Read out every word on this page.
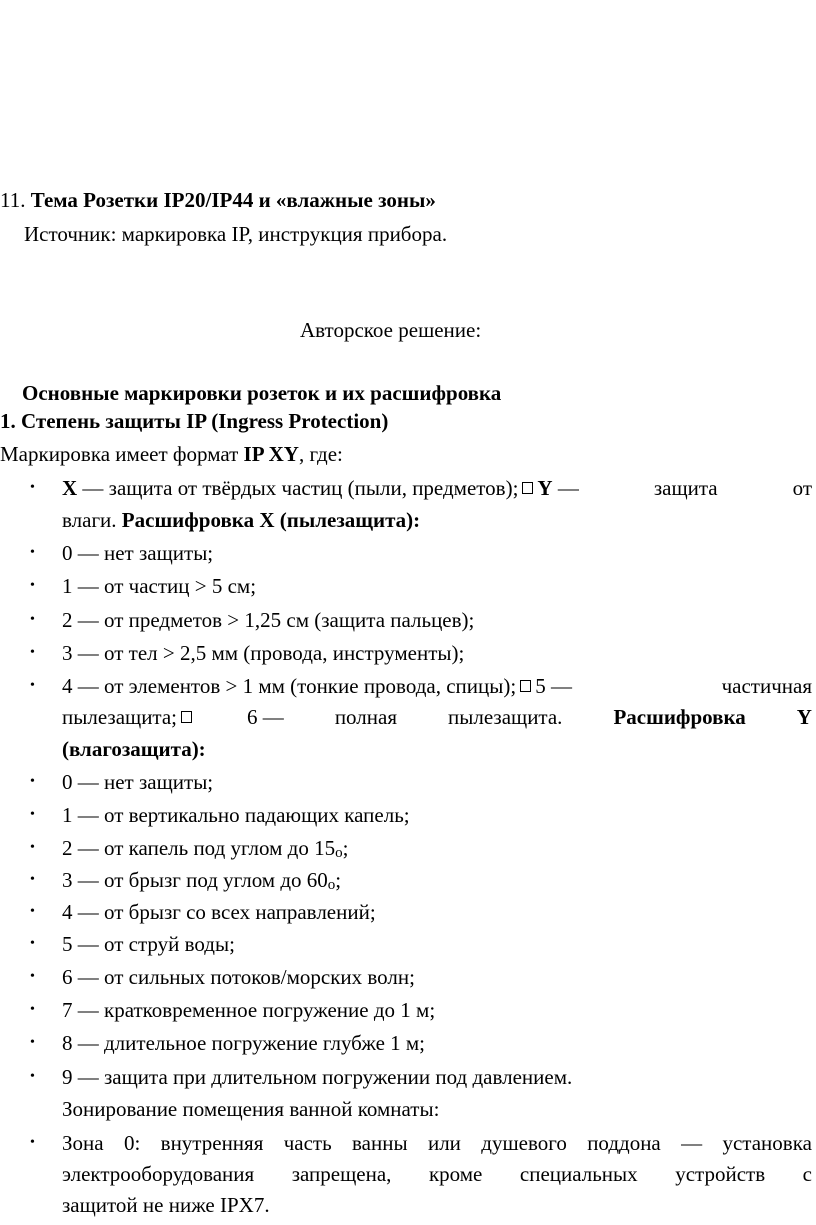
11. Тема Розетки IP20/IP44 и «влажные зоны»
Источник: маркировка IP, инструкция прибора.
Авторское решение:
Основные маркировки розеток и их расшифровка
1. Степень защиты IP (Ingress Protection)
Маркировка имеет формат IP XY, где:
• X — защита от твёрдых частиц (пыли, предметов); Y —	защита	от
влаги. Расшифровка X (пылезащита):
• 0 — нет защиты;
• 1 — от частиц > 5 см;
• 2 — от предметов > 1,25 см (защита пальцев);
• 3 — от тел > 2,5 мм (провода, инструменты);
• 4 — от элементов > 1 мм (тонкие провода, спицы); 5 —	частичная
пылезащита;	6 — полная пылезащита. Расшифровка Y
(влагозащита):
• 0 — нет защиты;
• 1 — от вертикально падающих капель;
• 2 — от капель под углом до 15о;
• 3 — от брызг под углом до 60о;
• 4 — от брызг со всех направлений;
• 5 — от струй воды;
• 6 — от сильных потоков/морских волн;
• 7 — кратковременное погружение до 1 м;
• 8 — длительное погружение глубже 1 м;
• 9 — защита при длительном погружении под давлением.
Зонирование помещения ванной комнаты:
• Зона 0: внутренняя часть ванны или душевого поддона — установка
электрооборудования запрещена, кроме специальных устройств с
защитой не ниже IPX7.
